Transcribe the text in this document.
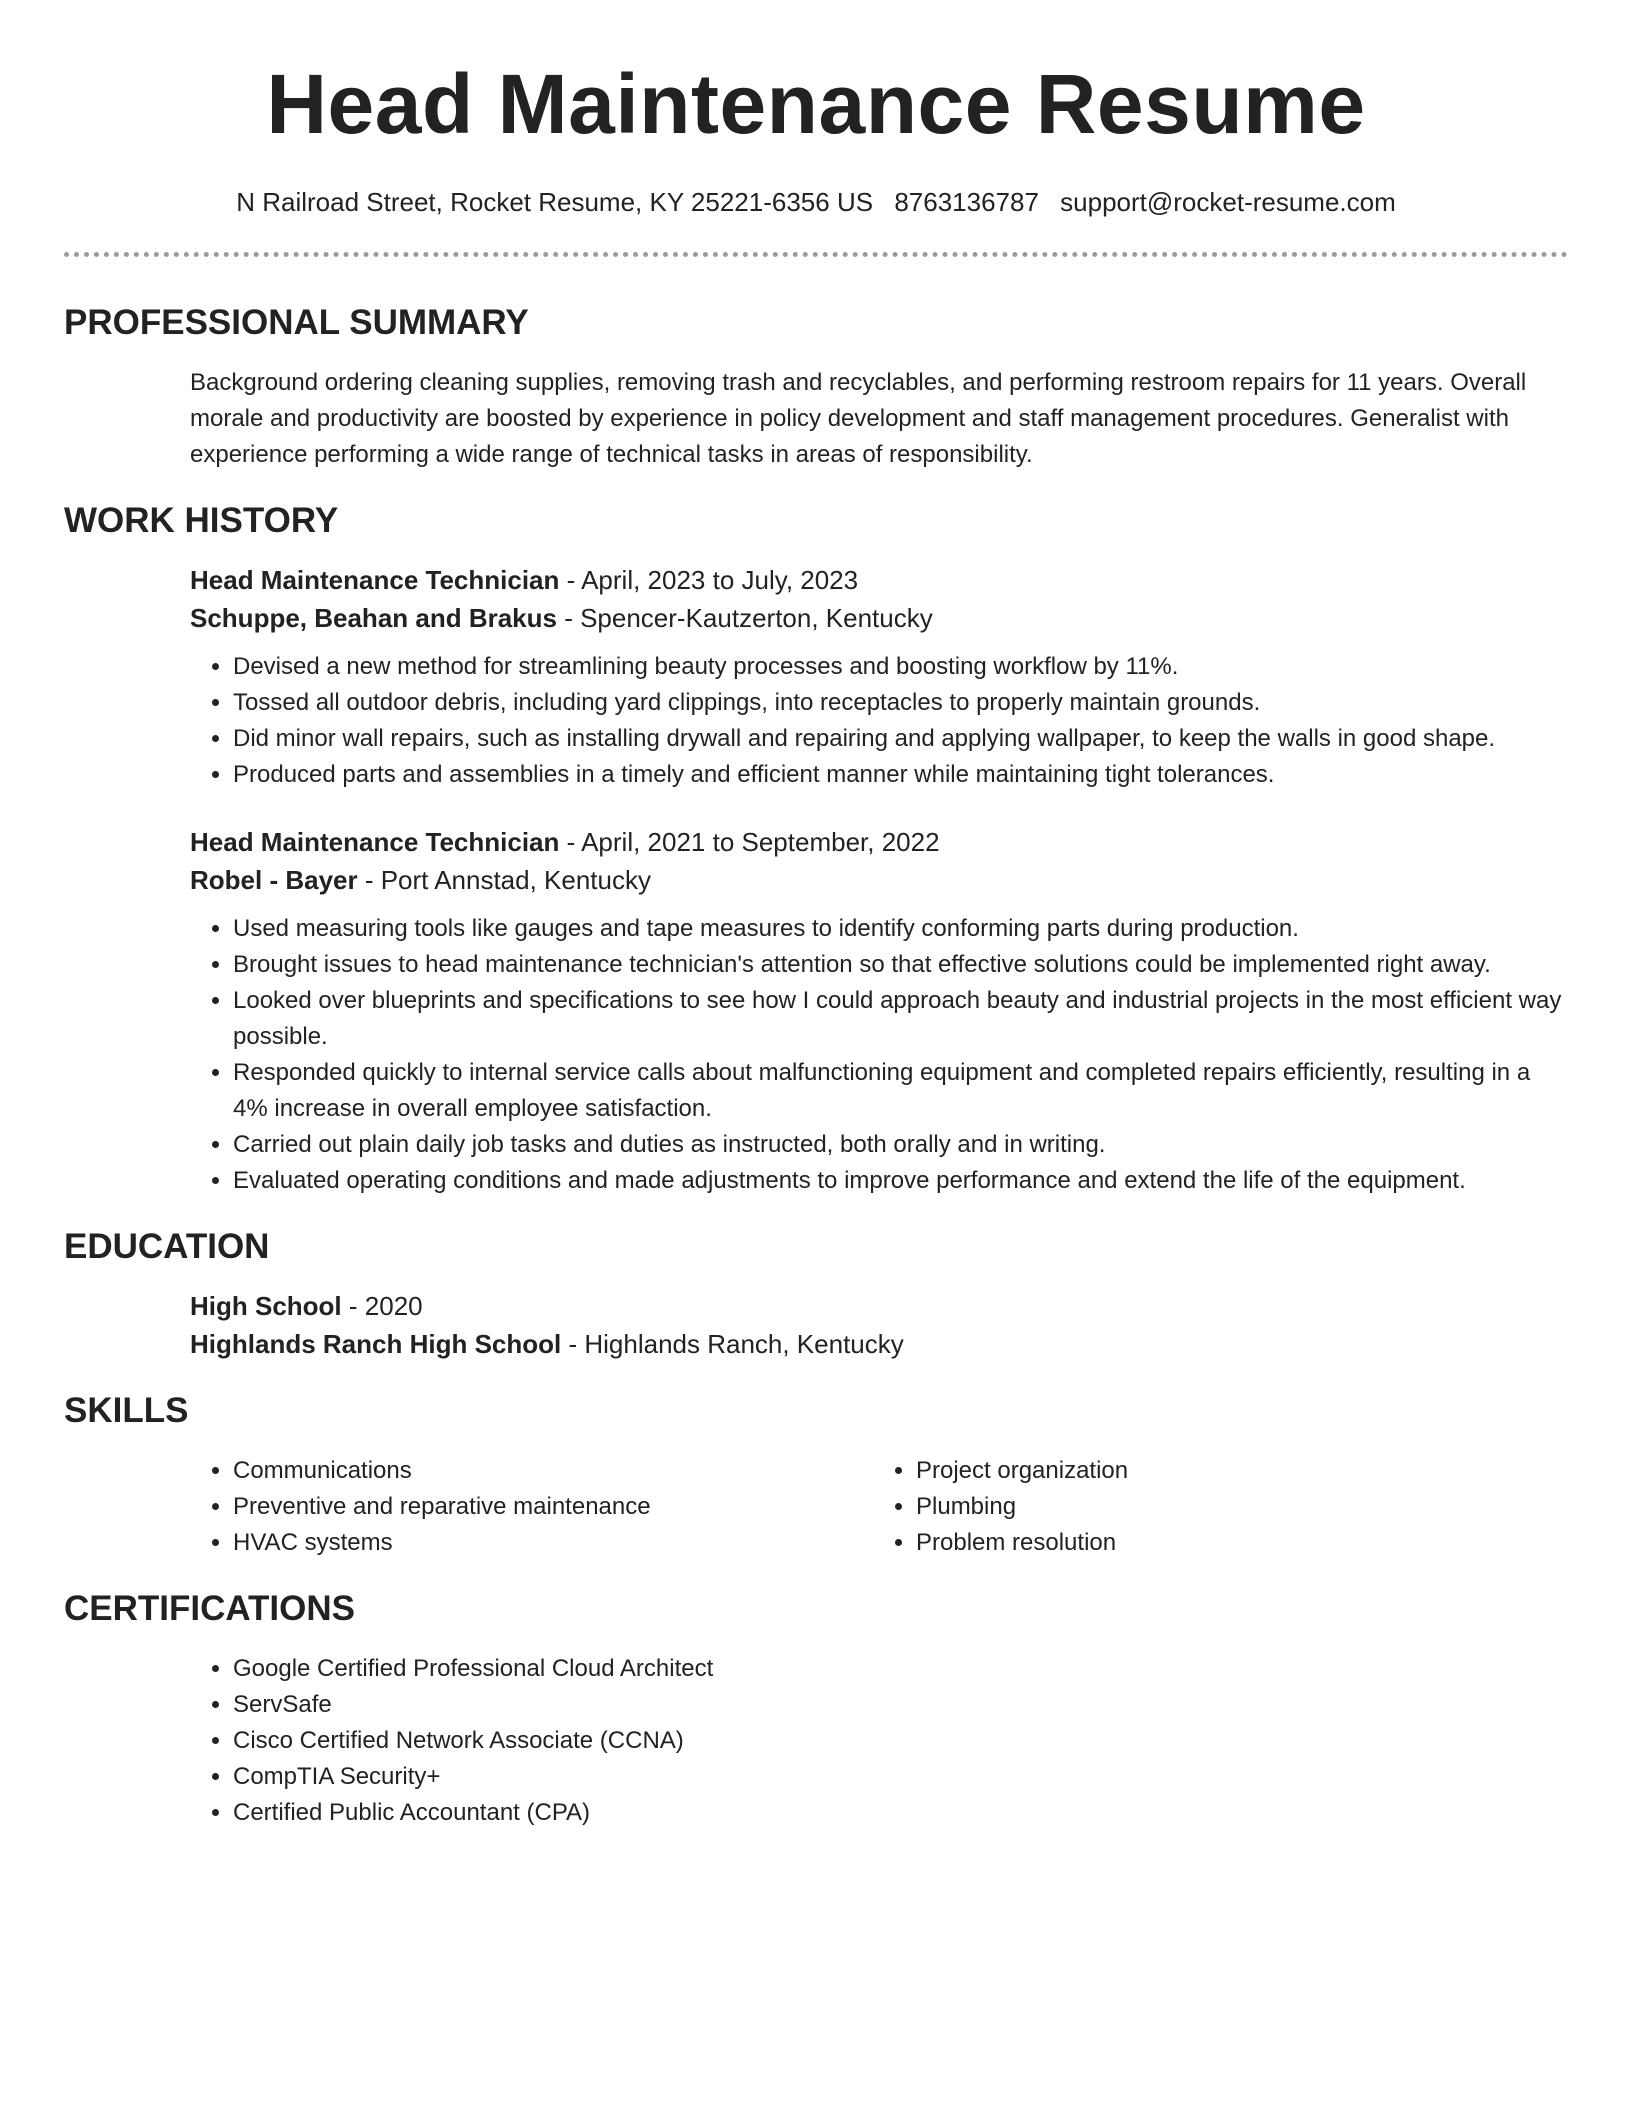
Head Maintenance Resume
N Railroad Street, Rocket Resume, KY 25221-6356 US 8763136787 support@rocket-resume.com
PROFESSIONAL SUMMARY
Background ordering cleaning supplies, removing trash and recyclables, and performing restroom repairs for 11 years. Overall morale and productivity are boosted by experience in policy development and staff management procedures. Generalist with experience performing a wide range of technical tasks in areas of responsibility.
WORK HISTORY
Head Maintenance Technician - April, 2023 to July, 2023
Schuppe, Beahan and Brakus - Spencer-Kautzerton, Kentucky
• Devised a new method for streamlining beauty processes and boosting workflow by 11%.
• Tossed all outdoor debris, including yard clippings, into receptacles to properly maintain grounds.
• Did minor wall repairs, such as installing drywall and repairing and applying wallpaper, to keep the walls in good shape.
• Produced parts and assemblies in a timely and efficient manner while maintaining tight tolerances.
Head Maintenance Technician - April, 2021 to September, 2022
Robel - Bayer - Port Annstad, Kentucky
• Used measuring tools like gauges and tape measures to identify conforming parts during production.
• Brought issues to head maintenance technician's attention so that effective solutions could be implemented right away.
• Looked over blueprints and specifications to see how I could approach beauty and industrial projects in the most efficient way possible.
• Responded quickly to internal service calls about malfunctioning equipment and completed repairs efficiently, resulting in a 4% increase in overall employee satisfaction.
• Carried out plain daily job tasks and duties as instructed, both orally and in writing.
• Evaluated operating conditions and made adjustments to improve performance and extend the life of the equipment.
EDUCATION
High School - 2020
Highlands Ranch High School - Highlands Ranch, Kentucky
SKILLS
• Communications
• Preventive and reparative maintenance
• HVAC systems
• Project organization
• Plumbing
• Problem resolution
CERTIFICATIONS
• Google Certified Professional Cloud Architect
• ServSafe
• Cisco Certified Network Associate (CCNA)
• CompTIA Security+
• Certified Public Accountant (CPA)
